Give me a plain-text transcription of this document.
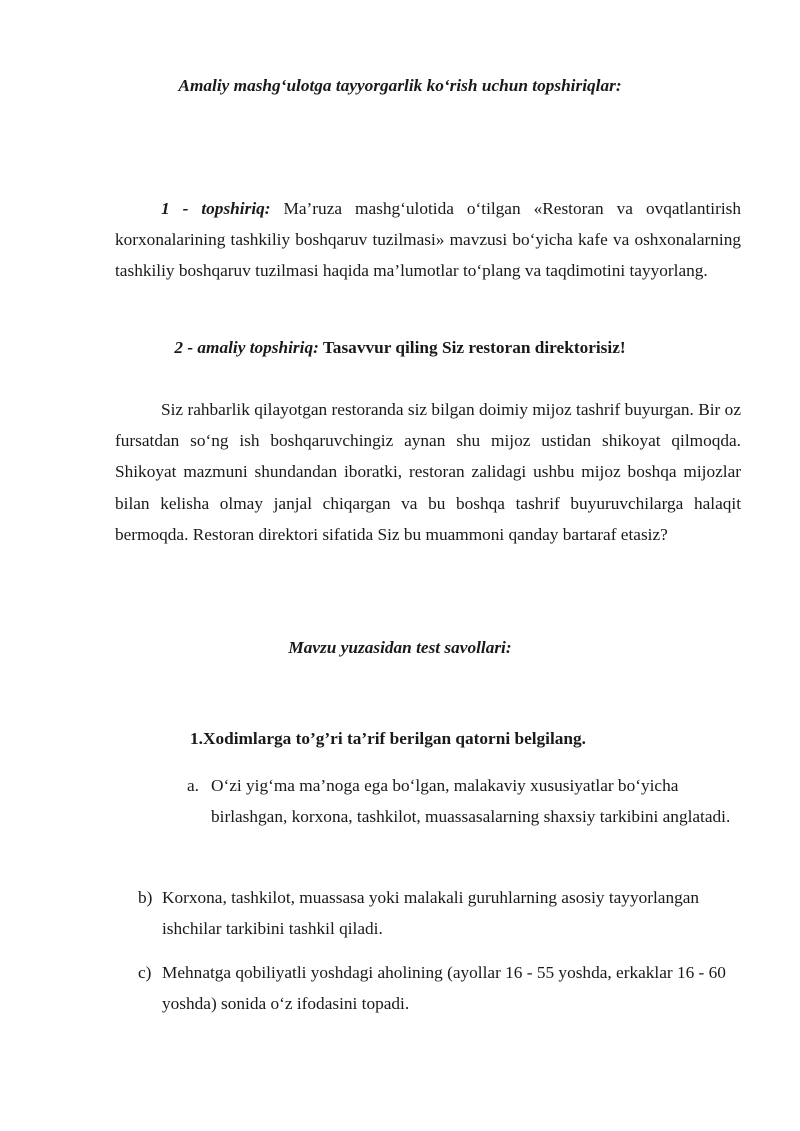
Amaliy mashg‘ulotga tayyorgarlik ko‘rish uchun topshiriqlar:

1 - topshiriq: Ma’ruza mashg‘ulotida o‘tilgan «Restoran va ovqatlantirish korxonalarining tashkiliy boshqaruv tuzilmasi» mavzusi bo‘yicha kafe va oshxonalarning tashkiliy boshqaruv tuzilmasi haqida ma’lumotlar to‘plang va taqdimotini tayyorlang.

2 - amaliy topshiriq: Tasavvur qiling Siz restoran direktorisiz!

Siz rahbarlik qilayotgan restoranda siz bilgan doimiy mijoz tashrif buyurgan. Bir oz fursatdan so‘ng ish boshqaruvchingiz aynan shu mijoz ustidan shikoyat qilmoqda. Shikoyat mazmuni shundandan iboratki, restoran zalidagi ushbu mijoz boshqa mijozlar bilan kelisha olmay janjal chiqargan va bu boshqa tashrif buyuruvchilarga halaqit bermoqda. Restoran direktori sifatida Siz bu muammoni qanday bartaraf etasiz?

Mavzu yuzasidan test savollari:
1.Xodimlarga to’g’ri ta’rif berilgan qatorni belgilang.

a. O‘zi yig‘ma ma’noga ega bo‘lgan, malakaviy xususiyatlar bo‘yicha birlashgan, korxona, tashkilot, muassasalarning shaxsiy tarkibini anglatadi.

b) Korxona, tashkilot, muassasa yoki malakali guruhlarning asosiy tayyorlangan ishchilar tarkibini tashkil qiladi.

c) Mehnatga qobiliyatli yoshdagi aholining (ayollar 16 - 55 yoshda, erkaklar 16 - 60 yoshda) sonida o‘z ifodasini topadi.
